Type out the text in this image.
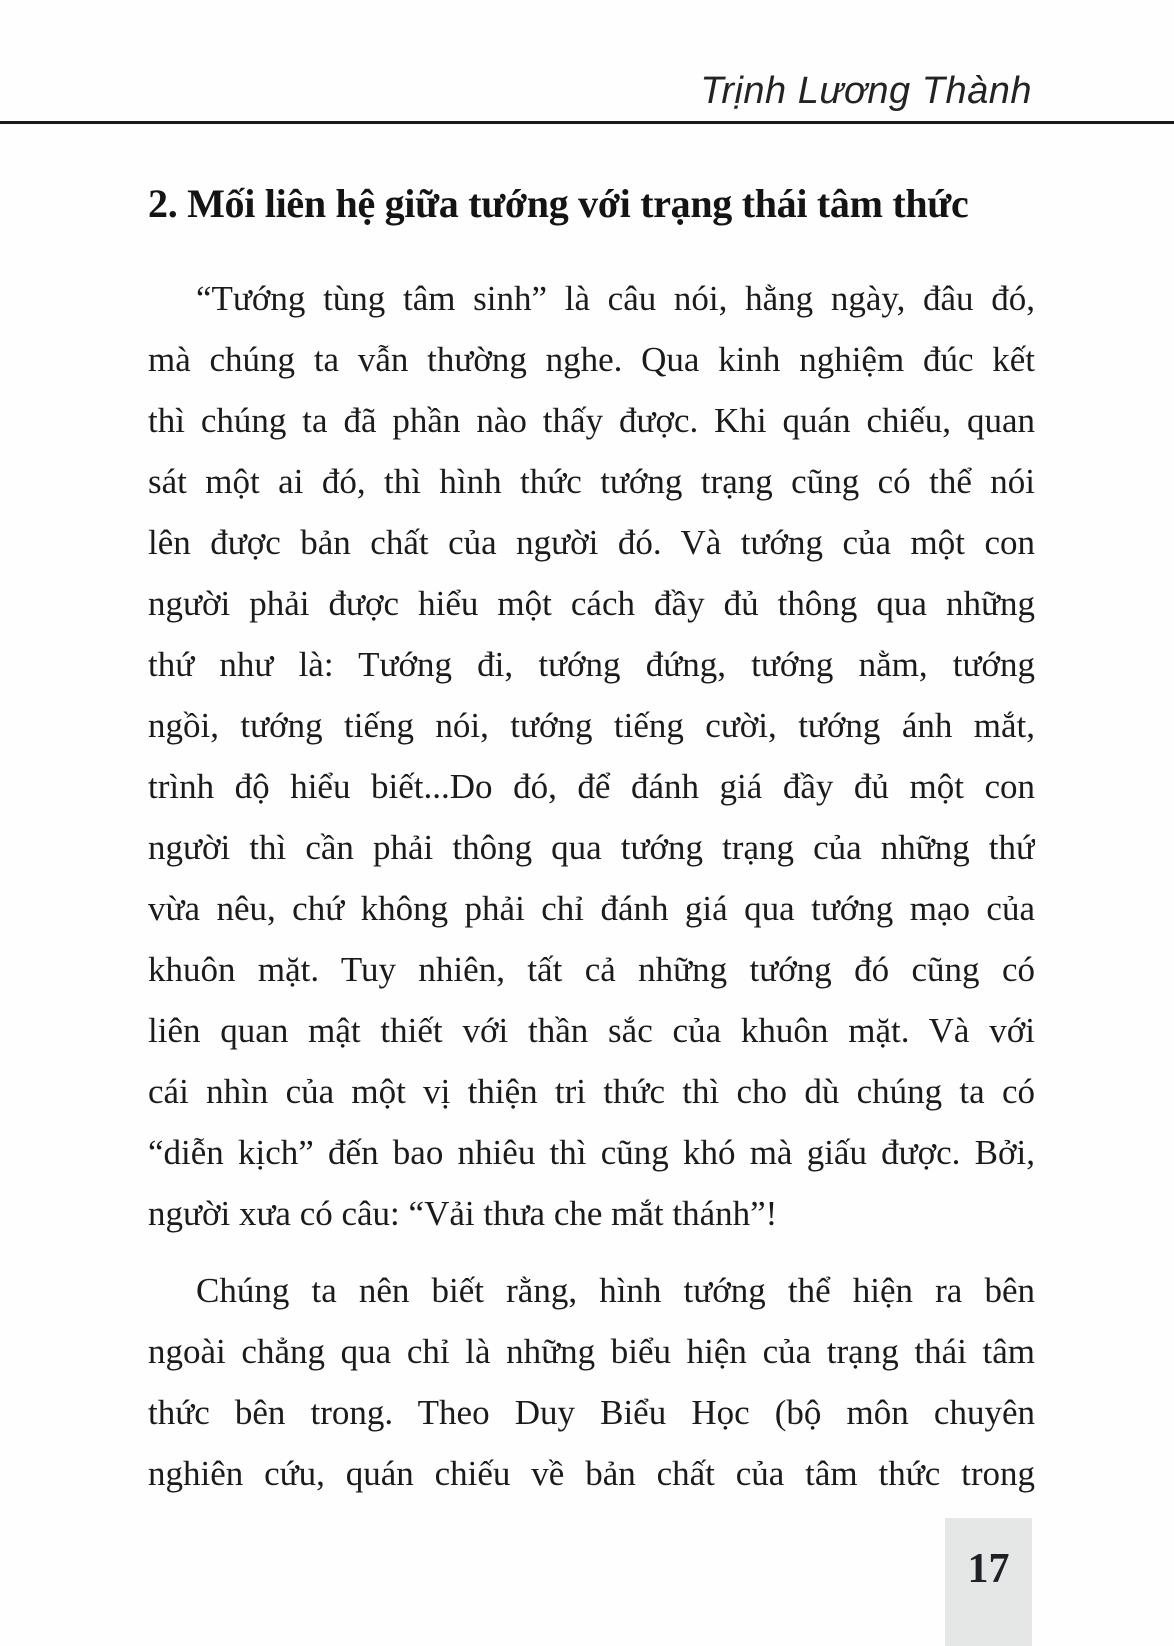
Trịnh Lương Thành
2. Mối liên hệ giữa tướng với trạng thái tâm thức
“Tướng tùng tâm sinh” là câu nói, hằng ngày, đâu đó,
mà chúng ta vẫn thường nghe. Qua kinh nghiệm đúc kết
thì chúng ta đã phần nào thấy được. Khi quán chiếu, quan
sát một ai đó, thì hình thức tướng trạng cũng có thể nói
lên được bản chất của người đó. Và tướng của một con
người phải được hiểu một cách đầy đủ thông qua những
thứ như là: Tướng đi, tướng đứng, tướng nằm, tướng
ngồi, tướng tiếng nói, tướng tiếng cười, tướng ánh mắt,
trình độ hiểu biết...Do đó, để đánh giá đầy đủ một con
người thì cần phải thông qua tướng trạng của những thứ
vừa nêu, chứ không phải chỉ đánh giá qua tướng mạo của
khuôn mặt. Tuy nhiên, tất cả những tướng đó cũng có
liên quan mật thiết với thần sắc của khuôn mặt. Và với
cái nhìn của một vị thiện tri thức thì cho dù chúng ta có
“diễn kịch” đến bao nhiêu thì cũng khó mà giấu được. Bởi,
người xưa có câu: “Vải thưa che mắt thánh”!
Chúng ta nên biết rằng, hình tướng thể hiện ra bên
ngoài chẳng qua chỉ là những biểu hiện của trạng thái tâm
thức bên trong. Theo Duy Biểu Học (bộ môn chuyên
nghiên cứu, quán chiếu về bản chất của tâm thức trong
17
